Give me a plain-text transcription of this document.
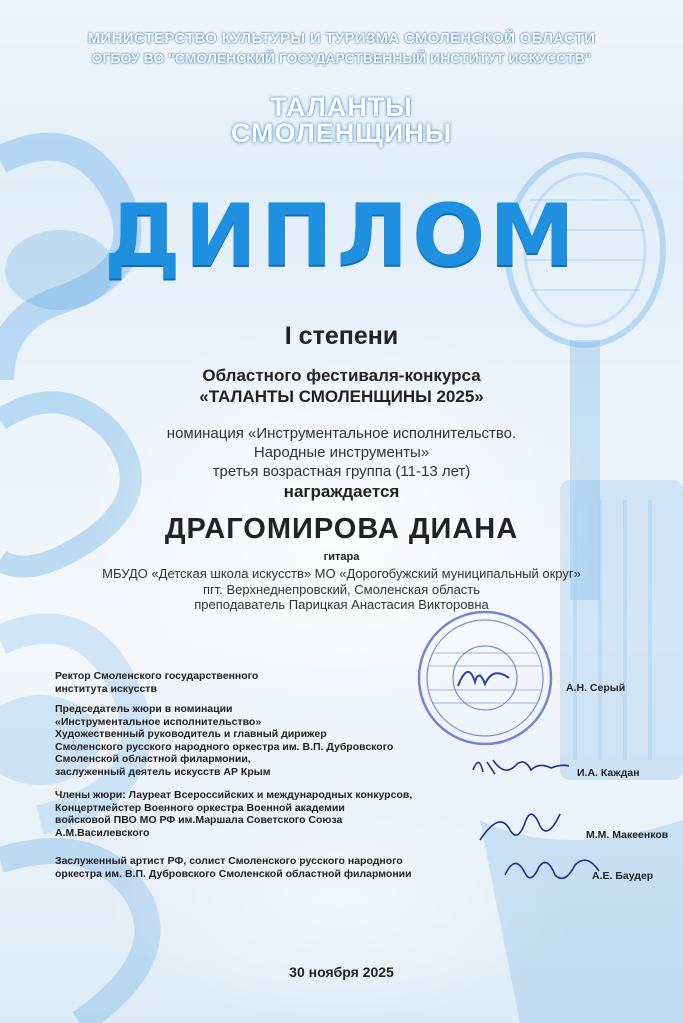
МИНИСТЕРСТВО КУЛЬТУРЫ И ТУРИЗМА СМОЛЕНСКОЙ ОБЛАСТИ
ОГБОУ ВО "СМОЛЕНСКИЙ ГОСУДАРСТВЕННЫЙ ИНСТИТУТ ИСКУССТВ"
ТАЛАНТЫ
СМОЛЕНЩИНЫ
ДИПЛОМ
I степени
Областного фестиваля-конкурса
«ТАЛАНТЫ СМОЛЕНЩИНЫ 2025»
номинация «Инструментальное исполнительство.
Народные инструменты»
третья возрастная группа (11-13 лет)
награждается
ДРАГОМИРОВА ДИАНА
гитара
МБУДО «Детская школа искусств» МО «Дорогобужский муниципальный округ»
пгт. Верхнеднепровский, Смоленская область
преподаватель Парицкая Анастасия Викторовна
Ректор Смоленского государственного
института искусств	А.Н. Серый
Председатель жюри в номинации
«Инструментальное исполнительство»
Художественный руководитель и главный дирижер
Смоленского русского народного оркестра им. В.П. Дубровского
Смоленской областной филармонии,
заслуженный деятель искусств АР Крым	И.А. Каждан
Члены жюри: Лауреат Всероссийских и международных конкурсов,
Концертмейстер Военного оркестра Военной академии
войсковой ПВО МО РФ им.Маршала Советского Союза
А.М.Василевского	М.М. Макеенков
Заслуженный артист РФ, солист Смоленского русского народного
оркестра им. В.П. Дубровского Смоленской областной филармонии	А.Е. Баудер
30 ноября 2025
